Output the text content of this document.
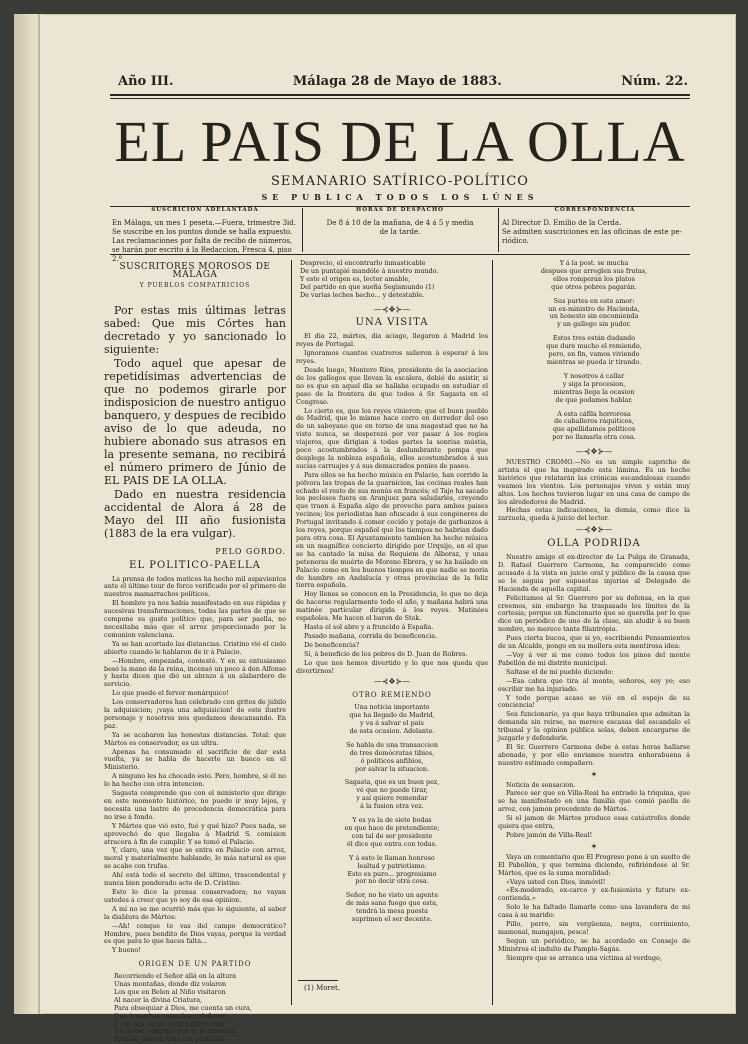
Año III.	Málaga 28 de Mayo de 1883.	Núm. 22.
EL PAIS DE LA OLLA
SEMANARIO SATÍRICO-POLÍTICO
SE PUBLICA TODOS LOS LÚNES
SUSCRICION ADELANTADA
En Málaga, un mes 1 peseta.—Fuera, trimestre 3id.
Se suscribe en los puntos donde se halla expuesto.
Las reclamaciones por falta de recibo de números,
se harán por escrito á la Redaccion, Fresca 4, piso 2.º
HORAS DE DESPACHO
De 8 á 10 de la mañana, de 4 á 5 y media
de la tarde.
CORRESPONDENCIA
Al Director D. Emilio de la Cerda.
Se admiten suscriciones en las oficinas de este pe-
riódico.
SUSCRITORES MOROSOS DE MÁLAGA
Y PUEBLOS COMPATRICIOS

Por estas mis últimas letras sabed: Que mis Córtes han decretado y yo sancionado lo siguiente:

Todo aquel que apesar de repetidísimas advertencias de que no podemos girarle por indisposicion de nuestro antiguo banquero, y despues de recibido aviso de lo que adeuda, no hubiere abonado sus atrasos en la presente semana, no recibirá el número primero de Júnio de EL PAIS DE LA OLLA.

Dado en nuestra residencia accidental de Alora á 28 de Mayo del III año fusionista (1883 de la era vulgar).

PELO GORDO.
EL POLITICO-PAELLA

La prensa de todos matices ha hecho mil aspavientos ante el último tour de force verificado por el primero de nuestros mamarrachos políticos.

El hombre ya nos había manifestado en sus rápidas y sucesivas transformaciones, todas las partes de que se compone su gusto político que, para ser paella, no necesitaba más que el arroz proporcionado por la comunion valenciana.

Ya se han acortado las distancias. Cristino vió el cielo abierto cuando le hablaron de ir á Palacio.

—Hombre, empezada, contestó. Y en su entusiasmo besó la mano de la reina, incensó un poco á don Alfonso y hasta dicen que dió un abrazo á un alabardero de servicio.

Lo que puede el fervor monárquico!

Los conservadores han celebrado con gritos de júbilo la adquisicion; ¡vaya una adquisicion! de este ilustre personaje y nosotros nos quedamos descansando. En paz.

Ya se acabaron las honestas distancias. Total: que Mártos es conservador, es un ultra.

Apenas ha consumado el sacrificio de dar esta vuelta, ya se habla de hacerle un hueco en el Ministerio.

A ninguno les ha chocado esto. Pero, hombre, si él no lo ha hecho con otra intencion.

Sagasta comprende que con el ministerio que dirige en este momento histórico, no puede ir muy lejos, y necesita una lastre de procedencia democrática para no irse á fondo.

Y Mártos que vió esto, fué y qué hizo? Pues nada, se aprovechó de que llegaba á Madrid S. comision atracera á fin de cumplir. Y se tomó el Palacio.

Y, claro, una vez que se entra en Palacio con arroz, moral y materialmente hablando, lo más natural es que se acabe con trufas.

Ahí está todo el secreto del último, trascendental y nunca bien ponderado acto de D. Cristino.

Esto lo dice la prensa conservadora; no vayan ustedes á creer que yo soy de esa opinion.

A mí no se me ocurrió más que lo siguiente, al saber la diablura de Mártos:

—Ah! conque te vas del campo democrático? Hombre, pues bendito de Dios vayas, porque la verdad es que para lo que haces falta...

Y bueno!

ORIGEN DE UN PARTIDO
Recorriendo el Señor allá en la altura
Unas montañas, donde diz volaron
Los que en Belen al Niño visitaron
Al nacer la divina Criatura,
Para obsequiar á Dios, me cuenta un cura,
Que á muchos animales ordeñaron
Y con sus varias leches fabricaron
Un queso, singular por su hermosura.
Probóle Jehová; tras con profundo
Desprecio, el encontrarlo inmasticable
De un puntapié mandóle á nuestro mundo.
Y este el origen es, lector amable,
Del partido en que sueña Segismundo (1)
De varias leches hecho... y detestable.
—⊰❖⊱—
UNA VISITA

El dia 22, mártes, dia aciago, llegaron á Madrid los reyes de Portugal.

Ignoramos cuantos cuatreros salieron á esperar á los reyes.

Desde luego, Montero Rios, presidente de la asociacion de los gallegos que llevan la escalera, debió de asistir, si no es que en aquel dia se hallaba ocupado en estudiar el paso de la frontera de que todos á Sr. Sagasta en el Congreso.

Lo cierto es, que los reyes vinieron; que el buen pueblo de Madrid, que lo mismo hace corro en derredor del oso de un saboyano que en torno de una magestad que no ha visto nunca, se desperezó por ver pasar á los regios viajeros, que dirigian á todas partes la sonrisa mústia, poco acostumbrados á la deslumbrante pompa que desplega la nobleza española, ellos acostumbrados á sus sucias carruajes y á sus demacrados ponies de paseo.

Para ellos se ha hecho música en Palacio, han corrido la pólvora las tropas de la guarnicion, las cocinas reales han echado el resto de sus menús en francés; el Tajo ha sacado los peclosos fuera en Aranjuez para saludarles, creyendo que traen á España algo de provecho para ambos paises vecinos; los periodistas han ofuscado á sus congéneres de Portugal invitando á comer cocido y potaje de garbanzos á los reyes, porque español que los tiempos no habrian dado para otra cosa. El Ayuntamiento tambien ha hecho música en un magnífico concierto dirigido por Urquijo, en el que se ha cantado la misa de Requiem de Alboraz, y unas peteneras de muérte de Moreno Ebrera, y se ha bailado en Palacio como en los buenos tiempos en que nadie se moria de hambre en Andalucía y otras provincias de la feliz tierra española.

Hoy llenes se conocen en la Presidencia, lo que no deja de hacerse regularmente todo el año, y mañana habrá una matinée particular dirigida á los reyes. Matinées españoles. Me hacen el baron de Stok.

Hasta el sol abre y a fruncido á España.

Pasado mañana, corrida de beneficencia.

De beneficencia?

Sí, á beneficio de los pobres de D. Juan de Robres.

Lo que nos hemos divertido y lo que nos queda que divertirnos!

—⊰❖⊱—
OTRO REMIENDO
Una noticia importante
que ha llegado de Madrid,
y va á salvar el país
de esta ocasion. Adelante.
Se habla de una transaccion
de tres demócratas tibios,
ó políticos anfibios,
por salvar la situacion.
Sagasta, que es un buen pez,
vé que no puede tirar,
y así quiere remendar
á la fusion otra vez.
Y es ya la de siete bodas
en que hace de pretendiente;
con tal de ser presidente
él dice que entra con todas.
Y á esto le llaman honroso
lealtad y patriotismo.
Esto es puro... progresismo
por no decir otra cosa.
Señor, no he visto un agente
de más sana fuego que esta,
tendrá la mesa puesta
suprimen el ser decente.
(1) Moret.
Y á la post. se mucha
despues que arreglen sus frutas,
ellos romperán los platos
que otros pobres pagarán.
Sus partes en este amor:
un ex-ministro de Hacienda,
un honesto sin encomienda
y un gallego sin pudor.
Estos tres están dudando
que dure mucho el remiendo,
pero, en fin, vamos viviendo
mientras se pueda ir tirando.
Y nosotros á callar
y siga la procesion,
mientras llega la ocasion
de que podamos hablar.
A esta cáfila horrorosa
de caballeros ráquiticos,
que apellidamos políticos
por no llamarla otra cosa.
—⊰❖⊱—

NUESTRO CROMO.—No es un simple capricho de artista el que ha inspirado esta lámina. Es un hecho histórico que relatarán las crónicas escandalosas cuando veamos los vientos. Los personajes viven y están muy altos. Los hechos tuvieron lugar en una casa de campo de los alrededores de Madrid.

Hechas estas indicaciones, la demás, como dice la zarzuela, queda á juicio del lector.

—⊰❖⊱—
OLLA PODRIDA

Nuestro amigo el ex-director de La Pulga de Granada, D. Rafael Guerrero Carmona, ha comparecido como acusado á la vista en juicio oral y público de la causa que se le seguia por supuestas injurias al Delegado de Hacienda de aquella capital.

Felicitamos al Sr. Guerrero por su defensa, en la que creemos, sin embargo ha traspasado los límites de la cortesia; porque un funcionario que se querella por lo que dice un periódico de uno de la clase, sin aludir á su buen nombre, no merece tanta filantrópia.

Pues cierta bucoa, que si yo, escribiendo Pensamientos de un Alcalde, pongo en su mollera esta mentirosa idea:

—Voy á ver si me como todos los pinos del monte Pabellón de mi distrito municipal.

Saltase el de mi pueblo diciendo:

—Esa cabra que tira al monte, señores, soy yo; eso escribir me ha injuriado.

Y todo porque acaso se vió en el espejo de su conciencia!

Sea funcionario, ya que haya tribunales que admitan la demanda sin reirse, no merece escasas del escandalo el tribunal y la opinion pública solas, deben encargarse de juzgarle y defenderle.

El Sr. Guerrero Carmona debe á estas horas hallarse abonado, y por ello enviamos nuestra enhorabuena á nuestro estimado compañero.

✶

Noticia de sensacion.

Parece ser que en Villa-Real ha entrado la triquina, que se ha manifestado en una familia que comió paella de arroz, con jamon procedente de Mártos.

Si el jamon de Mártos produce esas catástrofes donde quiera que entra,

Pobre jamón de Villa-Real!

✶

Vaya un comentario que El Progreso pone á un suelto de El Pabellón, y que termina diciendo, refiriéndose al Sr. Mártos, que es la suma moralidad:

«Vaya usted con Dios, inmóvil!

«Ex-moderado, ex-carco y ex-fusionista y futuro ex-contienda.»

Solo le ha faltado llamarle como una lavandera de mi casa á su marido:

Pillo, perro, sin vergüenza, negra, corrimiento, mamonal, mangajon, pesca!

Segun un periódico, se ha acordado en Consejo de Ministros el indulto de Pamplo-Sagás.

Siempre que se arranca una víctima al verdugo,
